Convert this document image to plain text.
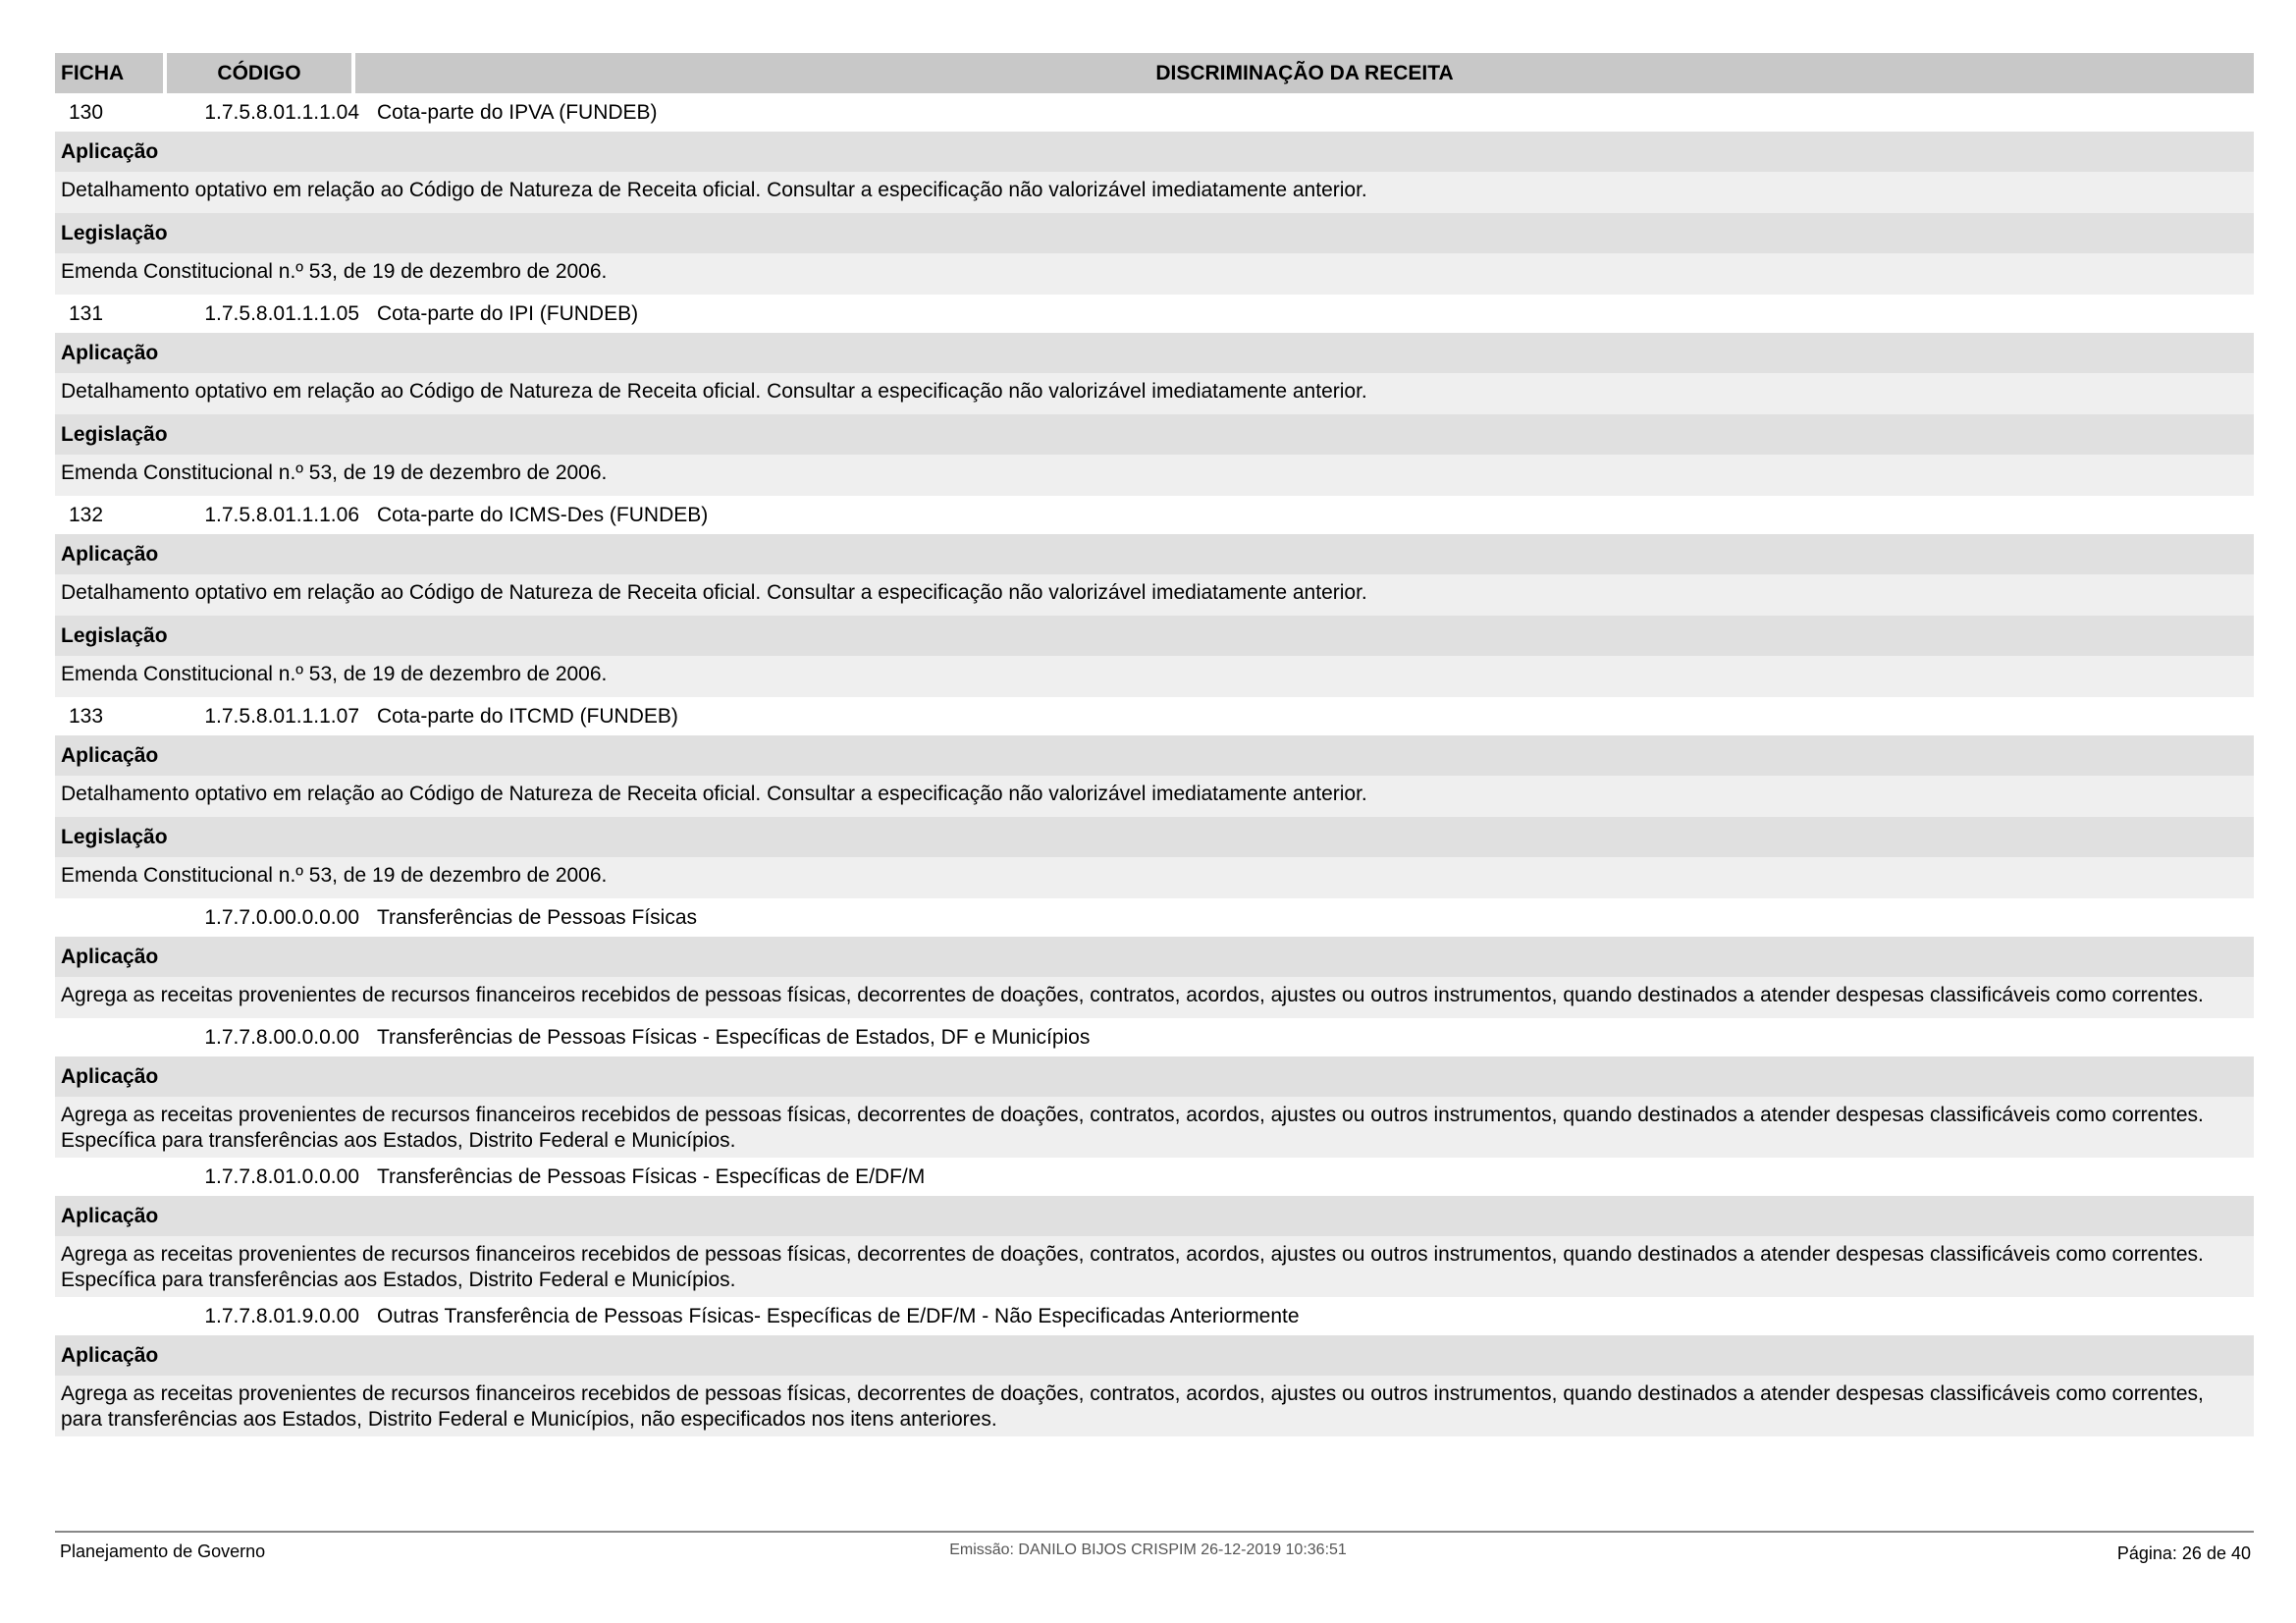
FICHA	CÓDIGO	DISCRIMINAÇÃO DA RECEITA
130	1.7.5.8.01.1.1.04 Cota-parte do IPVA (FUNDEB)
Aplicação
Detalhamento optativo em relação ao Código de Natureza de Receita oficial. Consultar a especificação não valorizável imediatamente anterior.
Legislação
Emenda Constitucional n.º 53, de 19 de dezembro de 2006.
131	1.7.5.8.01.1.1.05 Cota-parte do IPI (FUNDEB)
Aplicação
Detalhamento optativo em relação ao Código de Natureza de Receita oficial. Consultar a especificação não valorizável imediatamente anterior.
Legislação
Emenda Constitucional n.º 53, de 19 de dezembro de 2006.
132	1.7.5.8.01.1.1.06 Cota-parte do ICMS-Des (FUNDEB)
Aplicação
Detalhamento optativo em relação ao Código de Natureza de Receita oficial. Consultar a especificação não valorizável imediatamente anterior.
Legislação
Emenda Constitucional n.º 53, de 19 de dezembro de 2006.
133	1.7.5.8.01.1.1.07 Cota-parte do ITCMD (FUNDEB)
Aplicação
Detalhamento optativo em relação ao Código de Natureza de Receita oficial. Consultar a especificação não valorizável imediatamente anterior.
Legislação
Emenda Constitucional n.º 53, de 19 de dezembro de 2006.
1.7.7.0.00.0.0.00 Transferências de Pessoas Físicas
Aplicação
Agrega as receitas provenientes de recursos financeiros recebidos de pessoas físicas, decorrentes de doações, contratos, acordos, ajustes ou outros instrumentos, quando destinados a atender despesas classificáveis como correntes.
1.7.7.8.00.0.0.00 Transferências de Pessoas Físicas - Específicas de Estados, DF e Municípios
Aplicação
Agrega as receitas provenientes de recursos financeiros recebidos de pessoas físicas, decorrentes de doações, contratos, acordos, ajustes ou outros instrumentos, quando destinados a atender despesas classificáveis como correntes. Específica para transferências aos Estados, Distrito Federal e Municípios.
1.7.7.8.01.0.0.00 Transferências de Pessoas Físicas - Específicas de E/DF/M
Aplicação
Agrega as receitas provenientes de recursos financeiros recebidos de pessoas físicas, decorrentes de doações, contratos, acordos, ajustes ou outros instrumentos, quando destinados a atender despesas classificáveis como correntes. Específica para transferências aos Estados, Distrito Federal e Municípios.
1.7.7.8.01.9.0.00 Outras Transferência de Pessoas Físicas- Específicas de E/DF/M - Não Especificadas Anteriormente
Aplicação
Agrega as receitas provenientes de recursos financeiros recebidos de pessoas físicas, decorrentes de doações, contratos, acordos, ajustes ou outros instrumentos, quando destinados a atender despesas classificáveis como correntes, para transferências aos Estados, Distrito Federal e Municípios, não especificados nos itens anteriores.
Planejamento de Governo	Emissão: DANILO BIJOS CRISPIM 26-12-2019 10:36:51	Página: 26 de 40
